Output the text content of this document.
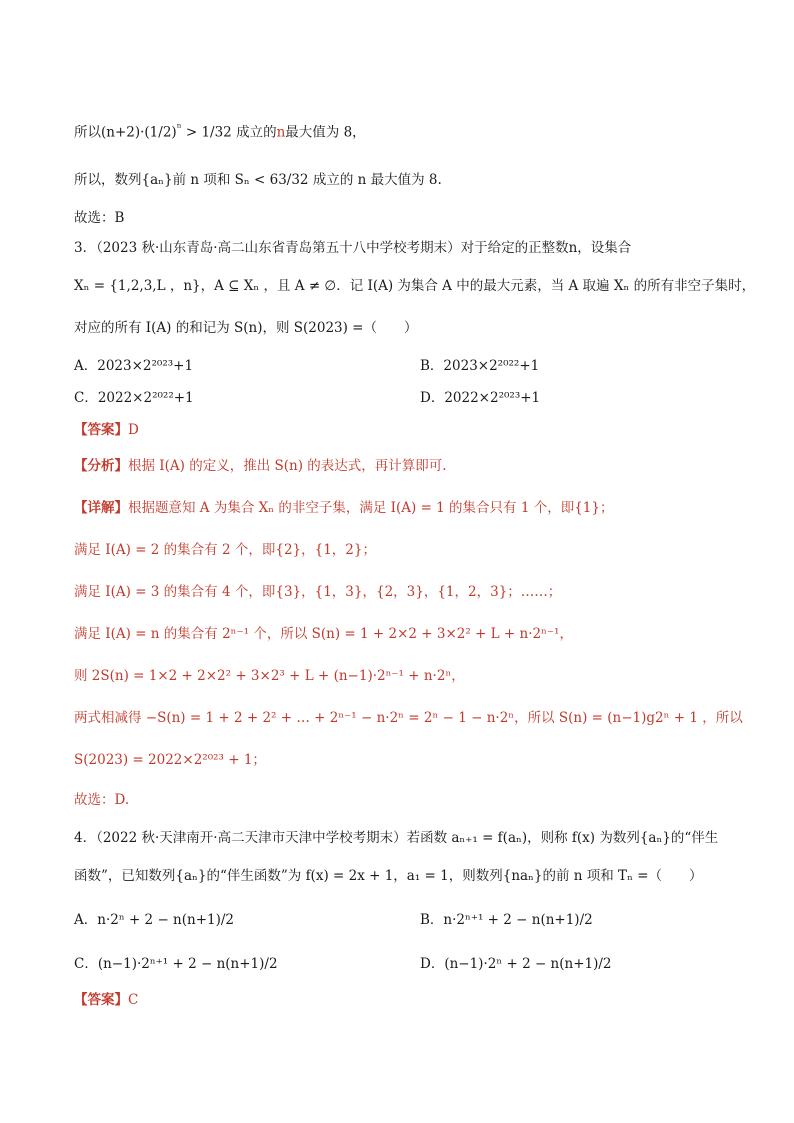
所以$(n+2)\cdot(1/2)^{^n} > 1/32$ 成立的n最大值为 8，
所以，数列{aₙ}前 n 项和 Sₙ < 63/32 成立的 n 最大值为 8.
故选：B
3．（2023 秋·山东青岛·高二山东省青岛第五十八中学校考期末）对于给定的正整数n，设集合
Xₙ = {1,2,3,L ，n}，A ⊆ Xₙ ，且 A ≠ ∅．记 I(A) 为集合 A 中的最大元素，当 A 取遍 Xₙ 的所有非空子集时，
对应的所有 I(A) 的和记为 S(n)，则 S(2023) =（　　）
A．2023×2²⁰²³+1	B．2023×2²⁰²²+1
C．2022×2²⁰²²+1	D．2022×2²⁰²³+1
【答案】D
【分析】根据 I(A) 的定义，推出 S(n) 的表达式，再计算即可.
【详解】根据题意知 A 为集合 Xₙ 的非空子集，满足 I(A) = 1 的集合只有 1 个，即{1}；
满足 I(A) = 2 的集合有 2 个，即{2}，{1，2}；
满足 I(A) = 3 的集合有 4 个，即{3}，{1，3}，{2，3}，{1，2，3}；……；
满足 I(A) = n 的集合有 2ⁿ⁻¹ 个，所以 S(n) = 1 + 2×2 + 3×2² + L + n·2ⁿ⁻¹，
则 2S(n) = 1×2 + 2×2² + 3×2³ + L + (n−1)·2ⁿ⁻¹ + n·2ⁿ，
两式相减得 −S(n) = 1 + 2 + 2² + … + 2ⁿ⁻¹ − n·2ⁿ = 2ⁿ − 1 − n·2ⁿ，所以 S(n) = (n−1)g2ⁿ + 1 ，所以
S(2023) = 2022×2²⁰²³ + 1；
故选：D.
4．（2022 秋·天津南开·高二天津市天津中学校考期末）若函数 aₙ₊₁ = f(aₙ)，则称 f(x) 为数列{aₙ}的“伴生
函数”，已知数列{aₙ}的“伴生函数”为 f(x) = 2x + 1，a₁ = 1，则数列{naₙ}的前 n 项和 Tₙ =（　　）
A．n·2ⁿ + 2 − n(n+1)/2	B．n·2ⁿ⁺¹ + 2 − n(n+1)/2
C．(n−1)·2ⁿ⁺¹ + 2 − n(n+1)/2	D．(n−1)·2ⁿ + 2 − n(n+1)/2
【答案】C
